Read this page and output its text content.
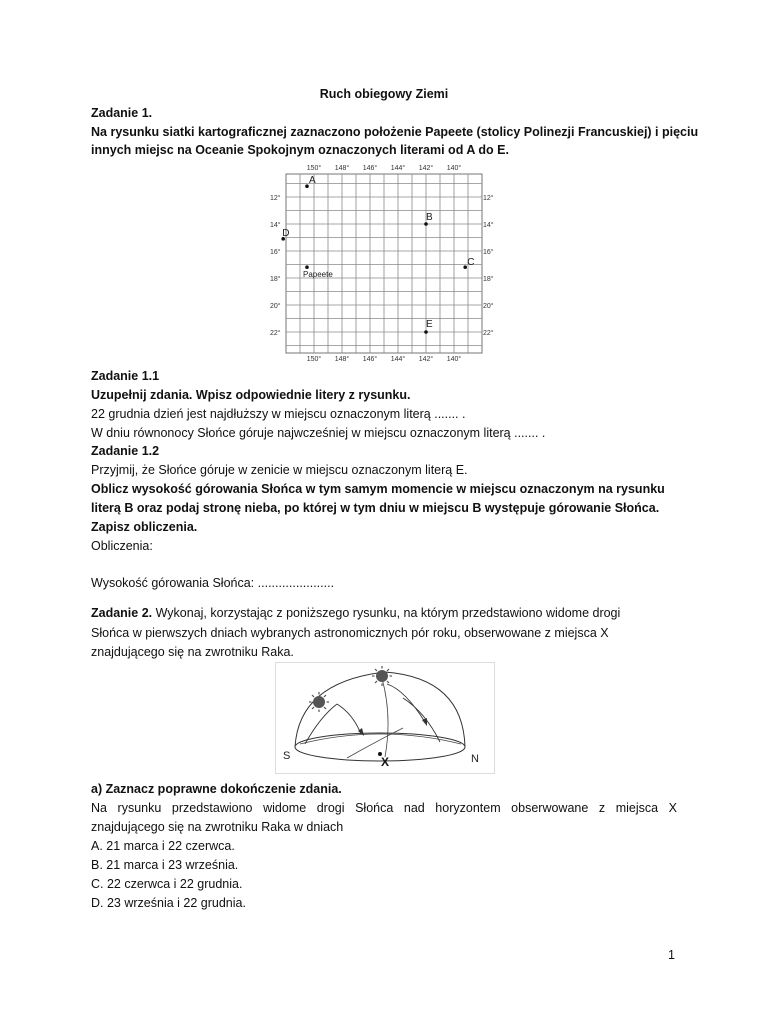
Ruch obiegowy Ziemi
Zadanie 1.
Na rysunku siatki kartograficznej zaznaczono położenie Papeete (stolicy Polinezji Francuskiej) i pięciu
innych miejsc na Oceanie Spokojnym oznaczonych literami od A do E.
150° 148° 146° 144° 142° 140°
150° 148° 146° 144° 142° 140°
12°
14°
16°
18°
20°
22°
12°
14°
16°
18°
20°
22°
A
B
C
D
Papeete
E
Zadanie 1.1
Uzupełnij zdania. Wpisz odpowiednie litery z rysunku.
22 grudnia dzień jest najdłuższy w miejscu oznaczonym literą ....... .
W dniu równonocy Słońce góruje najwcześniej w miejscu oznaczonym literą ....... .
Zadanie 1.2
Przyjmij, że Słońce góruje w zenicie w miejscu oznaczonym literą E.
Oblicz wysokość górowania Słońca w tym samym momencie w miejscu oznaczonym na rysunku
literą B oraz podaj stronę nieba, po której w tym dniu w miejscu B występuje górowanie Słońca.
Zapisz obliczenia.
Obliczenia:
Wysokość górowania Słońca: ......................
Zadanie 2. Wykonaj, korzystając z poniższego rysunku, na którym przedstawiono widome drogi
Słońca w pierwszych dniach wybranych astronomicznych pór roku, obserwowane z miejsca X
znajdującego się na zwrotniku Raka.
S	N
X
a) Zaznacz poprawne dokończenie zdania.
Na rysunku przedstawiono widome drogi Słońca nad horyzontem obserwowane z miejsca X
znajdującego się na zwrotniku Raka w dniach
A. 21 marca i 22 czerwca.
B. 21 marca i 23 września.
C. 22 czerwca i 22 grudnia.
D. 23 września i 22 grudnia.
1
